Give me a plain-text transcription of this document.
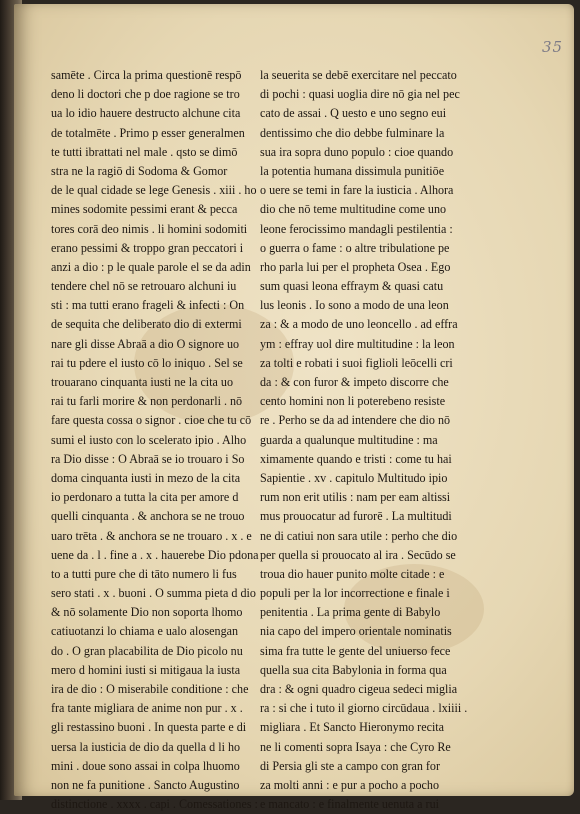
35
samēte . Circa la prima questionē respō
deno li doctori che p doe ragione se tro
ua lo idio hauere destructo alchune cita
de totalmēte . Primo p esser generalmen
te tutti ibrattati nel male . qsto se dimō
stra ne la ragiō di Sodoma & Gomor
de le qual cidade se lege Genesis . xiii . ho
mines sodomite pessimi erant & pecca
tores corā deo nimis . li homini sodomiti
erano pessimi & troppo gran peccatori i
anzi a dio : p le quale parole el se da adin
tendere chel nō se retrouaro alchuni iu
sti : ma tutti erano frageli & infecti : On
de sequita che deliberato dio di extermi
nare gli disse Abraā a dio O signore uo
rai tu pdere el iusto cō lo iniquo . Sel se
trouarano cinquanta iusti ne la cita uo
rai tu farli morire & non perdonarli . nō
fare questa cossa o signor . cioe che tu cō
sumi el iusto con lo scelerato ipio . Alho
ra Dio disse : O Abraā se io trouaro i So
doma cinquanta iusti in mezo de la cita
io perdonaro a tutta la cita per amore d
quelli cinquanta . & anchora se ne trouo
uaro trēta . & anchora se ne trouaro . x . e
uene da . l . fine a . x . hauerebe Dio pdona
to a tutti pure che di tāto numero li fus
sero stati . x . buoni . O summa pieta d dio
& nō solamente Dio non soporta lhomo
catiuotanzi lo chiama e ualo alosengan
do . O gran placabilita de Dio picolo nu
mero d homini iusti si mitigaua la iusta
ira de dio : O miserabile conditione : che
fra tante migliara de anime non pur . x .
gli restassino buoni . In questa parte e di
uersa la iusticia de dio da quella d li ho
mini . doue sono assai in colpa lhuomo
non ne fa punitione . Sancto Augustino
distinctione . xxxx . capi . Comessationes :
la seuerita se debē exercitare nel peccato
di pochi : quasi uoglia dire nō gia nel pec
cato de assai . Q uesto e uno segno eui
dentissimo che dio debbe fulminare la
sua ira sopra duno populo : cioe quando
la potentia humana dissimula punitiōe
o uere se temi in fare la iusticia . Alhora
dio che nō teme multitudine come uno
leone ferocissimo mandagli pestilentia :
o guerra o fame : o altre tribulatione pe
rho parla lui per el propheta Osea . Ego
sum quasi leona effraym & quasi catu
lus leonis . Io sono a modo de una leon
za : & a modo de uno leoncello . ad effra
ym : effray uol dire multitudine : la leon
za tolti e robati i suoi figlioli leōcelli cri
da : & con furor & impeto discorre che
cento homini non li poterebeno resiste
re . Perho se da ad intendere che dio nō
guarda a qualunque multitudine : ma
ximamente quando e tristi : come tu hai
Sapientie . xv . capitulo Multitudo ipio
rum non erit utilis : nam per eam altissi
mus prouocatur ad furorē . La multitudi
ne di catiui non sara utile : perho che dio
per quella si prouocato al ira . Secūdo se
troua dio hauer punito molte citade : e
populi per la lor incorrectione e finale i
penitentia . La prima gente di Babylo
nia capo del impero orientale nominatis
sima fra tutte le gente del uniuerso fece
quella sua cita Babylonia in forma qua
dra : & ogni quadro cigeua sedeci miglia
ra : si che i tuto il giorno circūdaua . lxiiii .
migliara . Et Sancto Hieronymo recita
ne li comenti sopra Isaya : che Cyro Re
di Persia gli ste a campo con gran for
za molti anni : e pur a pocho a pocho
e mancato : e finalmente uenuta a rui
